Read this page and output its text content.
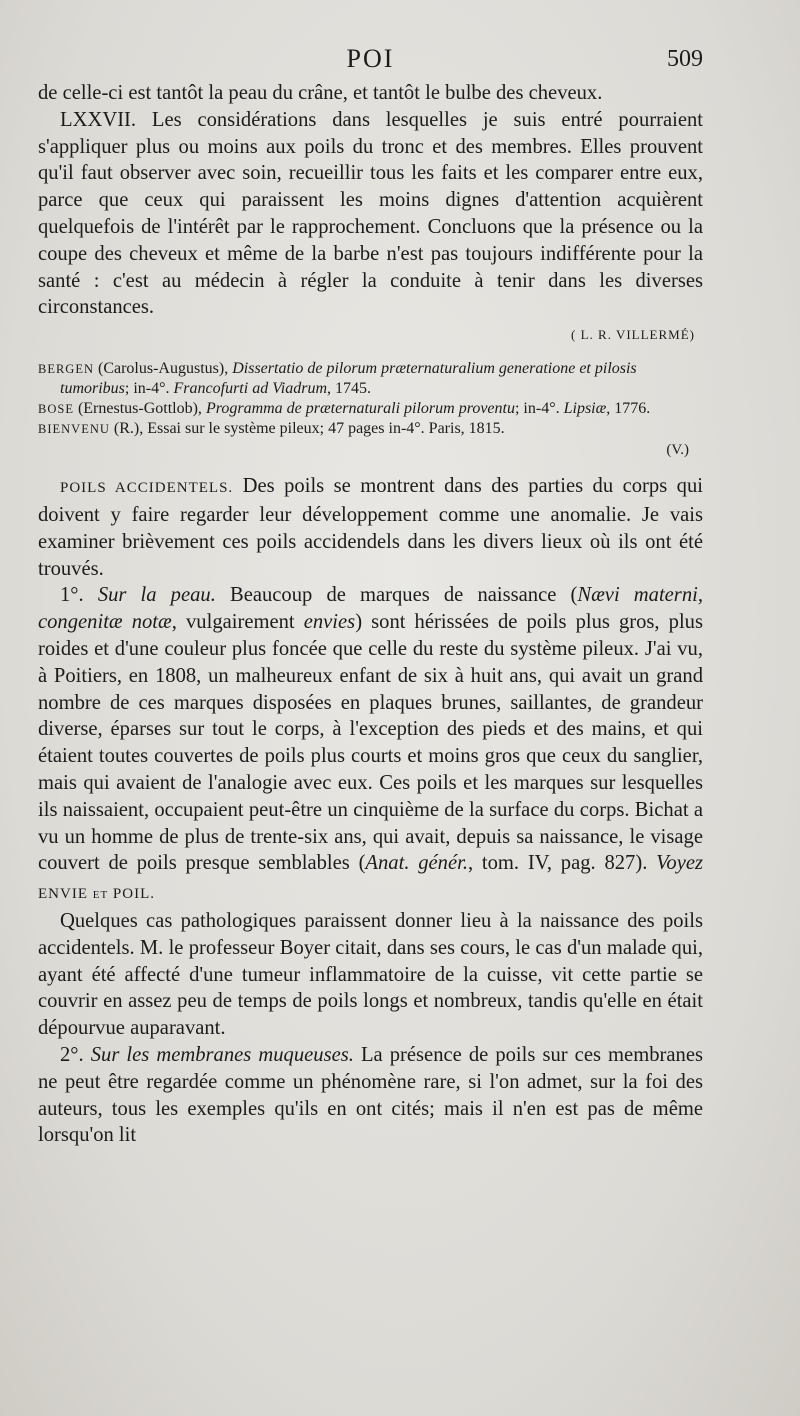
POI	509

de celle-ci est tantôt la peau du crâne, et tantôt le bulbe des cheveux.

LXXVII. Les considérations dans lesquelles je suis entré pourraient s'appliquer plus ou moins aux poils du tronc et des membres. Elles prouvent qu'il faut observer avec soin, recueillir tous les faits et les comparer entre eux, parce que ceux qui paraissent les moins dignes d'attention acquièrent quelquefois de l'intérêt par le rapprochement. Concluons que la présence ou la coupe des cheveux et même de la barbe n'est pas toujours indifférente pour la santé : c'est au médecin à régler la conduite à tenir dans les diverses circonstances.

( L. R. VILLERMÉ)

BERGEN (Carolus-Augustus), Dissertatio de pilorum præternaturalium generatione et pilosis tumoribus; in-4°. Francofurti ad Viadrum, 1745.

BOSE (Ernestus-Gottlob), Programma de præternaturali pilorum proventu; in-4°. Lipsiæ, 1776.

BIENVENU (R.), Essai sur le système pileux; 47 pages in-4°. Paris, 1815.

(V.)

POILS ACCIDENTELS. Des poils se montrent dans des parties du corps qui doivent y faire regarder leur développement comme une anomalie. Je vais examiner brièvement ces poils accidendels dans les divers lieux où ils ont été trouvés.

1°. Sur la peau. Beaucoup de marques de naissance (Nævi materni, congenitæ notæ, vulgairement envies) sont hérissées de poils plus gros, plus roides et d'une couleur plus foncée que celle du reste du système pileux. J'ai vu, à Poitiers, en 1808, un malheureux enfant de six à huit ans, qui avait un grand nombre de ces marques disposées en plaques brunes, saillantes, de grandeur diverse, éparses sur tout le corps, à l'exception des pieds et des mains, et qui étaient toutes couvertes de poils plus courts et moins gros que ceux du sanglier, mais qui avaient de l'analogie avec eux. Ces poils et les marques sur lesquelles ils naissaient, occupaient peut-être un cinquième de la surface du corps. Bichat a vu un homme de plus de trente-six ans, qui avait, depuis sa naissance, le visage couvert de poils presque semblables (Anat. génér., tom. IV, pag. 827). Voyez ENVIE et POIL.

Quelques cas pathologiques paraissent donner lieu à la naissance des poils accidentels. M. le professeur Boyer citait, dans ses cours, le cas d'un malade qui, ayant été affecté d'une tumeur inflammatoire de la cuisse, vit cette partie se couvrir en assez peu de temps de poils longs et nombreux, tandis qu'elle en était dépourvue auparavant.

2°. Sur les membranes muqueuses. La présence de poils sur ces membranes ne peut être regardée comme un phénomène rare, si l'on admet, sur la foi des auteurs, tous les exemples qu'ils en ont cités; mais il n'en est pas de même lorsqu'on lit
